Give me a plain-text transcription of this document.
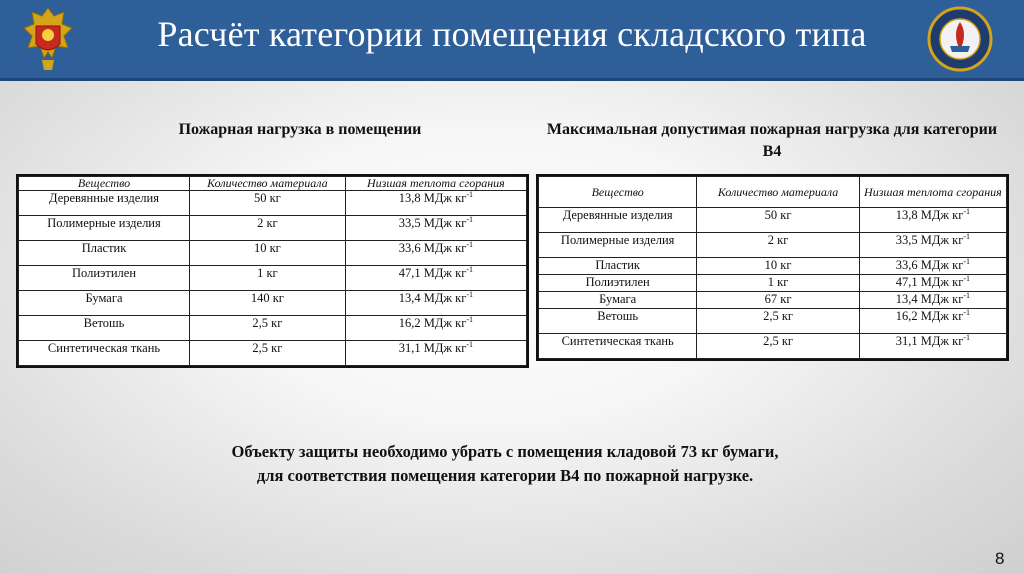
Расчёт категории помещения складского типа
Пожарная нагрузка в помещении	Максимальная допустимая пожарная нагрузка для категории В4
Вещество	Количество материала	Низшая теплота сгорания
Деревянные изделия	50 кг	13,8 МДж $кг^{-1}$
Полимерные изделия	2 кг	33,5 МДж $кг^{-1}$
Пластик	10 кг	33,6 МДж $кг^{-1}$
Полиэтилен	1 кг	47,1 МДж $кг^{-1}$
Бумага	140 кг	13,4 МДж $кг^{-1}$
Ветошь	2,5 кг	16,2 МДж $кг^{-1}$
Синтетическая ткань	2,5 кг	31,1 МДж $кг^{-1}$
Вещество	Количество материала	Низшая теплота сгорания
Деревянные изделия	50 кг	13,8 МДж $кг^{-1}$
Полимерные изделия	2 кг	33,5 МДж $кг^{-1}$
Пластик	10 кг	33,6 МДж $кг^{-1}$
Полиэтилен	1 кг	47,1 МДж $кг^{-1}$
Бумага	67 кг	13,4 МДж $кг^{-1}$
Ветошь	2,5 кг	16,2 МДж $кг^{-1}$
Синтетическая ткань	2,5 кг	31,1 МДж $кг^{-1}$
Объекту защиты необходимо убрать с помещения кладовой 73 кг бумаги,
для соответствия помещения категории В4 по пожарной нагрузке.
8
